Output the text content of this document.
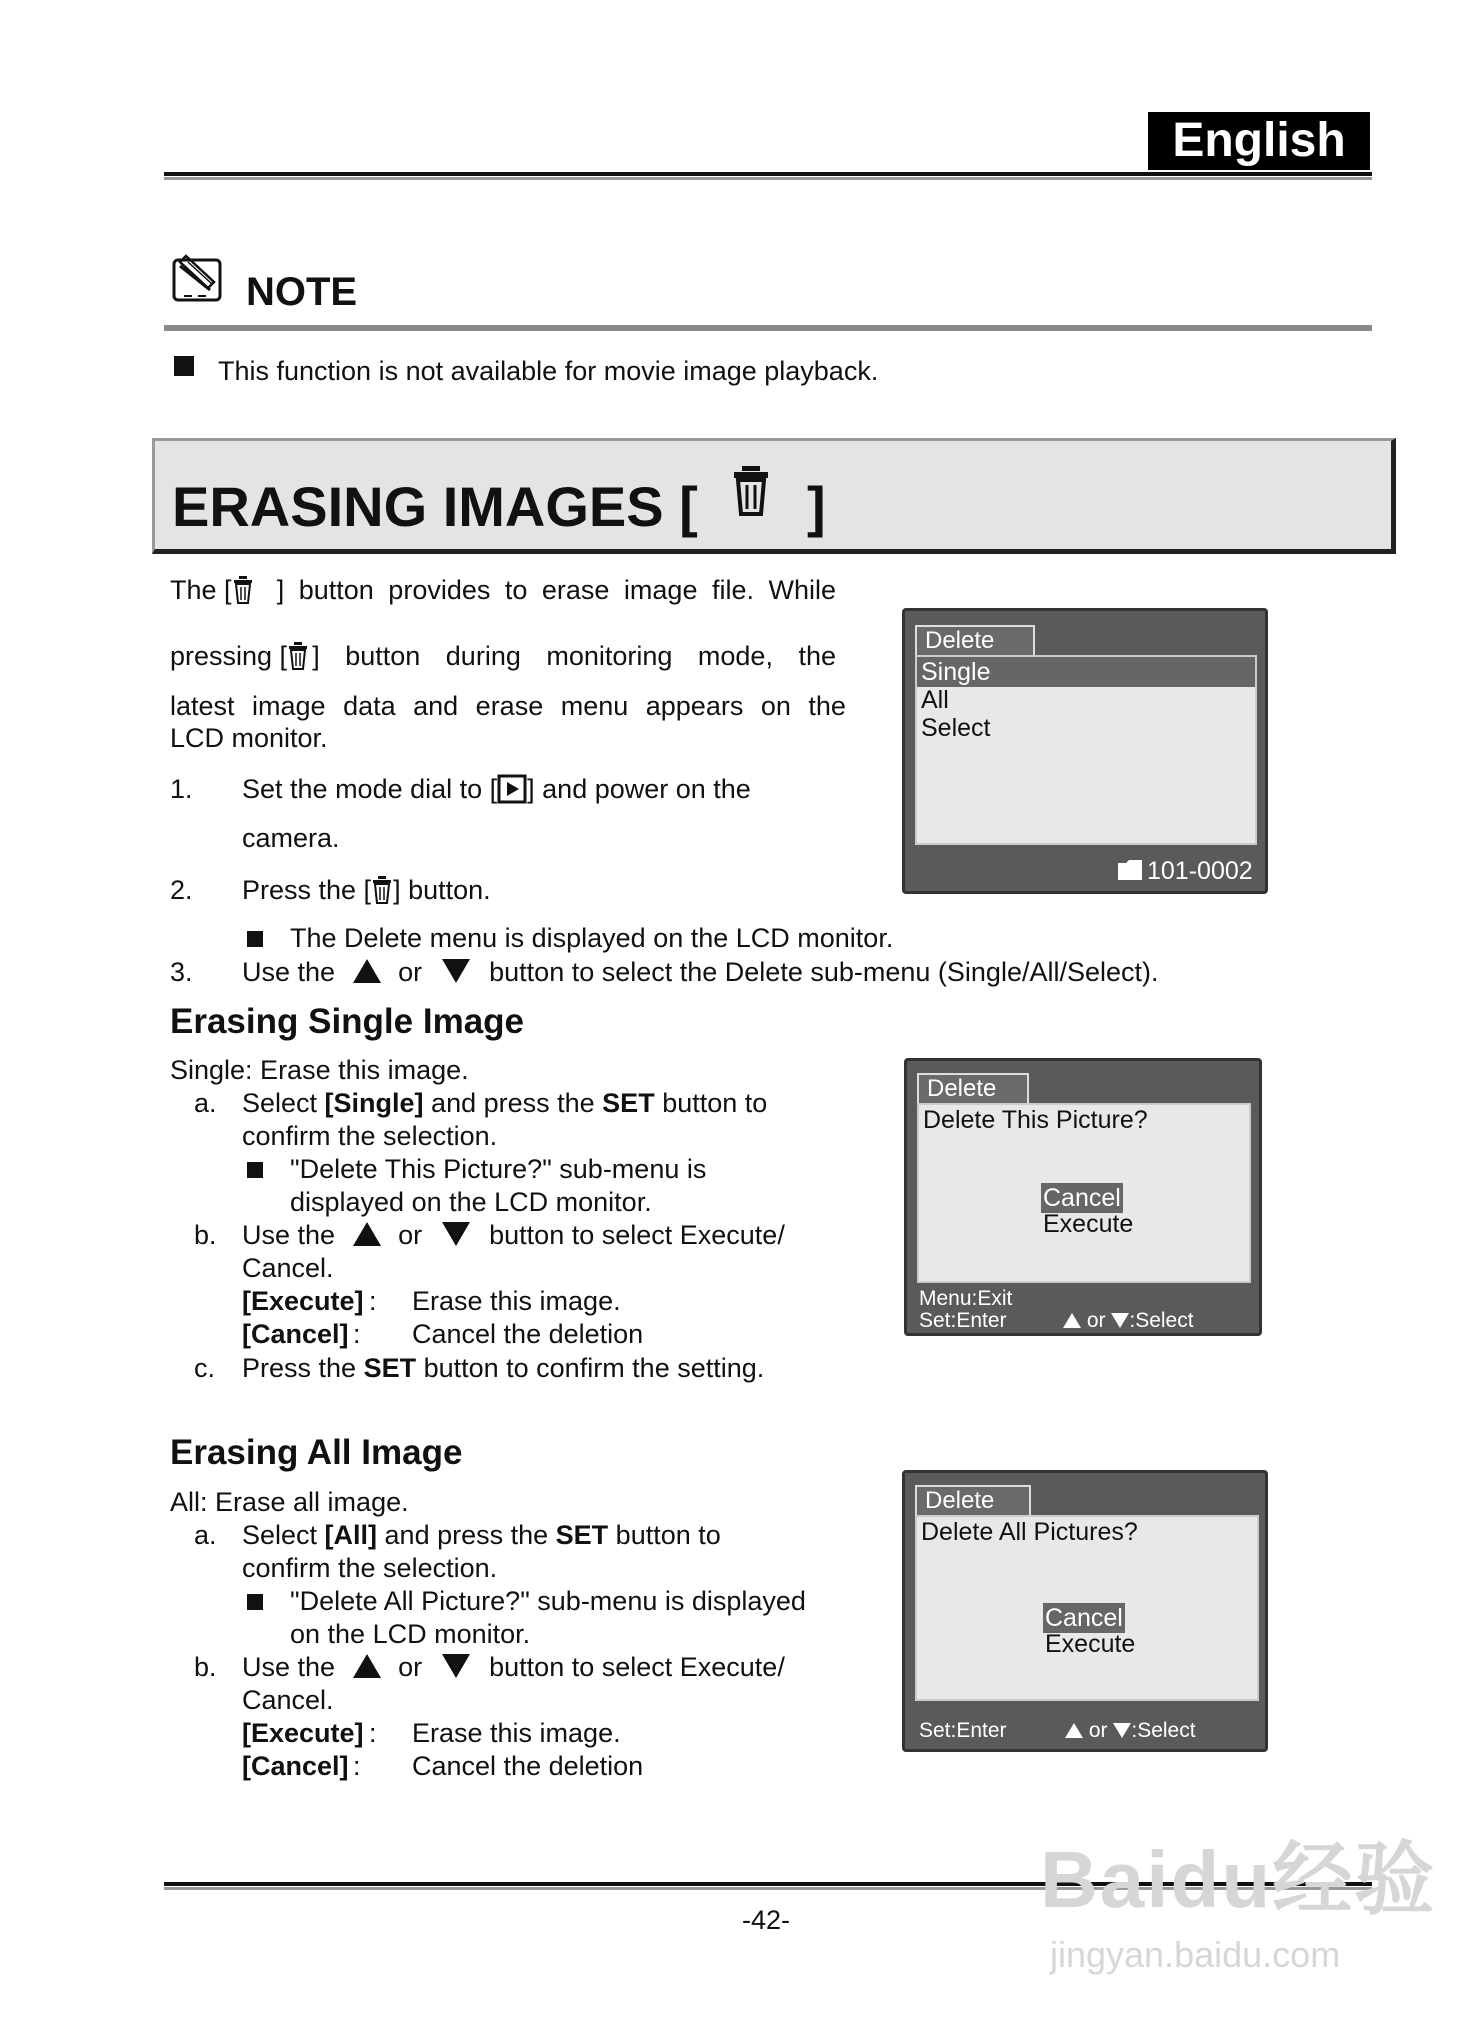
English
NOTE
This function is not available for movie image playback.
ERASING IMAGES [ ]
The [	] button provides to erase image file. While
pressing [ ] button during monitoring mode, the
latest image data and erase menu appears on the
LCD monitor.
1. Set the mode dial to [ ] and power on the
camera.
2. Press the [ ] button.
The Delete menu is displayed on the LCD monitor.
3. Use the or button to select the Delete sub-menu (Single/All/Select).
Delete
Single
All
Select
101-0002
Erasing Single Image
Single: Erase this image.
a. Select [Single] and press the SET button to
confirm the selection.
"Delete This Picture?" sub-menu is
displayed on the LCD monitor.
b. Use the or button to select Execute/
Cancel.
[Execute] : Erase this image.
[Cancel] : Cancel the deletion
c. Press the SET button to confirm the setting.
Delete
Delete This Picture?
Cancel
Execute
Menu:Exit
Set:Enter	or :Select
Erasing All Image
All: Erase all image.
a. Select [All] and press the SET button to
confirm the selection.
"Delete All Picture?" sub-menu is displayed
on the LCD monitor.
b. Use the or button to select Execute/
Cancel.
[Execute] : Erase this image.
[Cancel] : Cancel the deletion
Delete
Delete All Pictures?
Cancel
Execute
Set:Enter	or :Select
-42-	Baidu经验
jingyan.baidu.com
